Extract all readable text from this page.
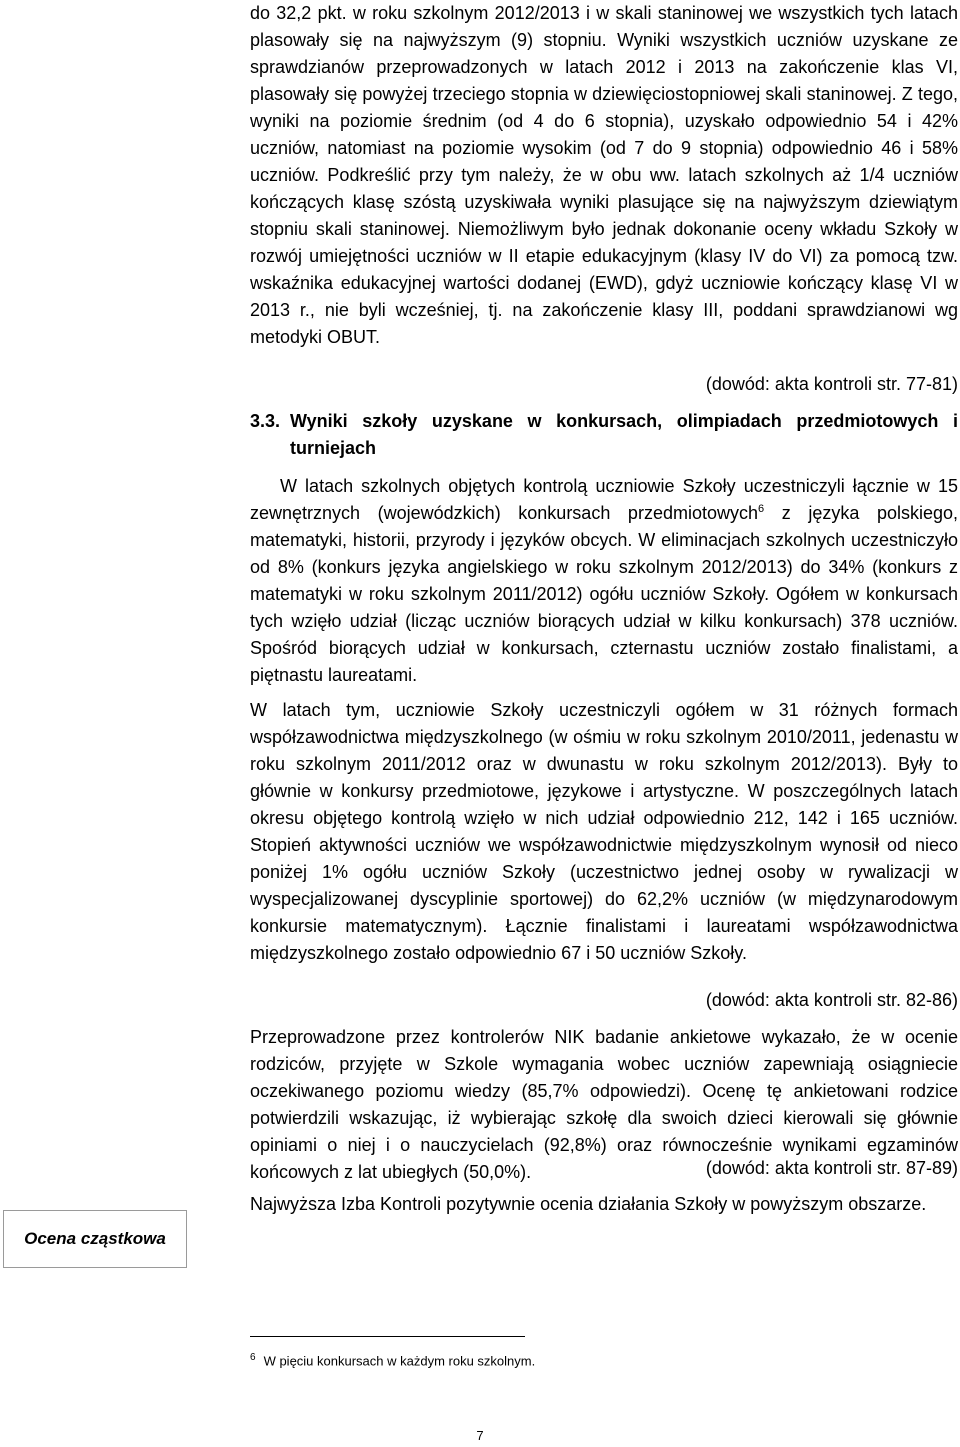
do 32,2 pkt. w roku szkolnym 2012/2013 i w skali staninowej we wszystkich tych latach plasowały się na najwyższym (9) stopniu. Wyniki wszystkich uczniów uzyskane ze sprawdzianów przeprowadzonych w latach 2012 i 2013 na zakończenie klas VI, plasowały się powyżej trzeciego stopnia w dziewięciostopniowej skali staninowej. Z tego, wyniki na poziomie średnim (od 4 do 6 stopnia), uzyskało odpowiednio 54 i 42% uczniów, natomiast na poziomie wysokim (od 7 do 9 stopnia) odpowiednio 46 i 58% uczniów. Podkreślić przy tym należy, że w obu ww. latach szkolnych aż 1/4 uczniów kończących klasę szóstą uzyskiwała wyniki plasujące się na najwyższym dziewiątym stopniu skali staninowej. Niemożliwym było jednak dokonanie oceny wkładu Szkoły w rozwój umiejętności uczniów w II etapie edukacyjnym (klasy IV do VI) za pomocą tzw. wskaźnika edukacyjnej wartości dodanej (EWD), gdyż uczniowie kończący klasę VI w 2013 r., nie byli wcześniej, tj. na zakończenie klasy III, poddani sprawdzianowi wg metodyki OBUT.

(dowód: akta kontroli str. 77-81)
3.3. Wyniki szkoły uzyskane w konkursach, olimpiadach przedmiotowych i turniejach

W latach szkolnych objętych kontrolą uczniowie Szkoły uczestniczyli łącznie w 15 zewnętrznych (wojewódzkich) konkursach przedmiotowych$^6$ z języka polskiego, matematyki, historii, przyrody i języków obcych. W eliminacjach szkolnych uczestniczyło od 8% (konkurs języka angielskiego w roku szkolnym 2012/2013) do 34% (konkurs z matematyki w roku szkolnym 2011/2012) ogółu uczniów Szkoły. Ogółem w konkursach tych wzięło udział (licząc uczniów biorących udział w kilku konkursach) 378 uczniów. Spośród biorących udział w konkursach, czternastu uczniów zostało finalistami, a piętnastu laureatami.

W latach tym, uczniowie Szkoły uczestniczyli ogółem w 31 różnych formach współzawodnictwa międzyszkolnego (w ośmiu w roku szkolnym 2010/2011, jedenastu w roku szkolnym 2011/2012 oraz w dwunastu w roku szkolnym 2012/2013). Były to głównie w konkursy przedmiotowe, językowe i artystyczne. W poszczególnych latach okresu objętego kontrolą wzięło w nich udział odpowiednio 212, 142 i 165 uczniów. Stopień aktywności uczniów we współzawodnictwie międzyszkolnym wynosił od nieco poniżej 1% ogółu uczniów Szkoły (uczestnictwo jednej osoby w rywalizacji w wyspecjalizowanej dyscyplinie sportowej) do 62,2% uczniów (w międzynarodowym konkursie matematycznym). Łącznie finalistami i laureatami współzawodnictwa międzyszkolnego zostało odpowiednio 67 i 50 uczniów Szkoły.

(dowód: akta kontroli str. 82-86)

Przeprowadzone przez kontrolerów NIK badanie ankietowe wykazało, że w ocenie rodziców, przyjęte w Szkole wymagania wobec uczniów zapewniają osiągniecie oczekiwanego poziomu wiedzy (85,7% odpowiedzi). Ocenę tę ankietowani rodzice potwierdzili wskazując, iż wybierając szkołę dla swoich dzieci kierowali się głównie opiniami o niej i o nauczycielach (92,8%) oraz równocześnie wynikami egzaminów końcowych z lat ubiegłych (50,0%).	(dowód: akta kontroli str. 87-89)
Ocena cząstkowa

Najwyższa Izba Kontroli pozytywnie ocenia działania Szkoły w powyższym obszarze.

$^6$ W pięciu konkursach w każdym roku szkolnym.
7
